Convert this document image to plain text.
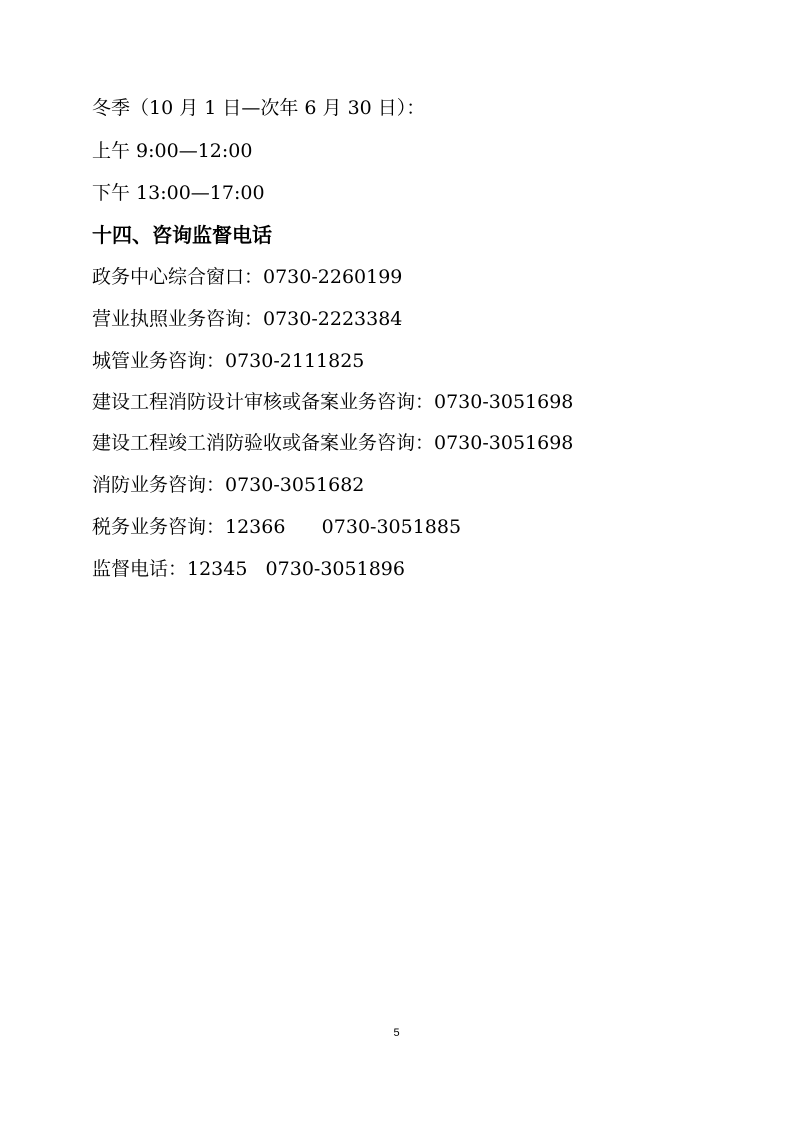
冬季（10 月 1 日—次年 6 月 30 日）：
上午 9:00—12:00
下午 13:00—17:00
十四、咨询监督电话
政务中心综合窗口：0730-2260199
营业执照业务咨询：0730-2223384
城管业务咨询：0730-2111825
建设工程消防设计审核或备案业务咨询：0730-3051698
建设工程竣工消防验收或备案业务咨询：0730-3051698
消防业务咨询：0730-3051682
税务业务咨询：12366      0730-3051885
监督电话：12345   0730-3051896
5
